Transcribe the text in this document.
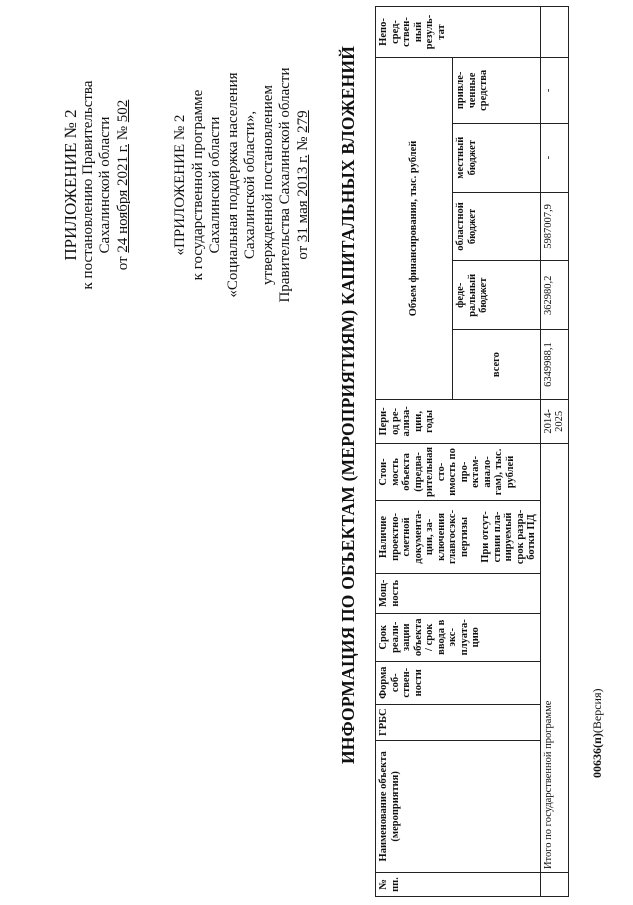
ПРИЛОЖЕНИЕ № 2 к постановлению Правительства Сахалинской области
от 24 ноября 2021 г. № 502
«ПРИЛОЖЕНИЕ № 2 к государственной программе Сахалинской области «Социальная поддержка населения Сахалинской области», утвержденной постановлением Правительства Сахалинской области от 31 мая 2013 г. № 279 ИНФОРМАЦИЯ ПО ОБЪЕКТАМ (МЕРОПРИЯТИЯМ) КАПИТАЛЬНЫХ ВЛОЖЕНИЙ
№ пп.	Наименование объекта (мероприятия)	ГРБС	Форма соб-ствен-ности	Срок реали-зации объекта / срок ввода в экс-плуата-цию	Мощ-ность	Наличие проектно-сметной документа-ции, за-ключения главгосэкс-пертизы При отсут-ствии пла-нируемый срок разра-ботки ПД	Стои-мость объекта (предва-рительная сто-имость по про-ектам-анало-гам), тыс. рублей	Пери-од ре-ализа-ции, годы	Объем финансирования, тыс. рублей					Непо-сред-ствен-ный резуль-тат
									всего	феде-ральный бюджет	областной бюджет	местный бюджет	привле-ченные средства	
	Итого по государственной программе							2014-2025	6349988,1	362980,2	5987007,9	-	-	
00636(п)(Версия)
